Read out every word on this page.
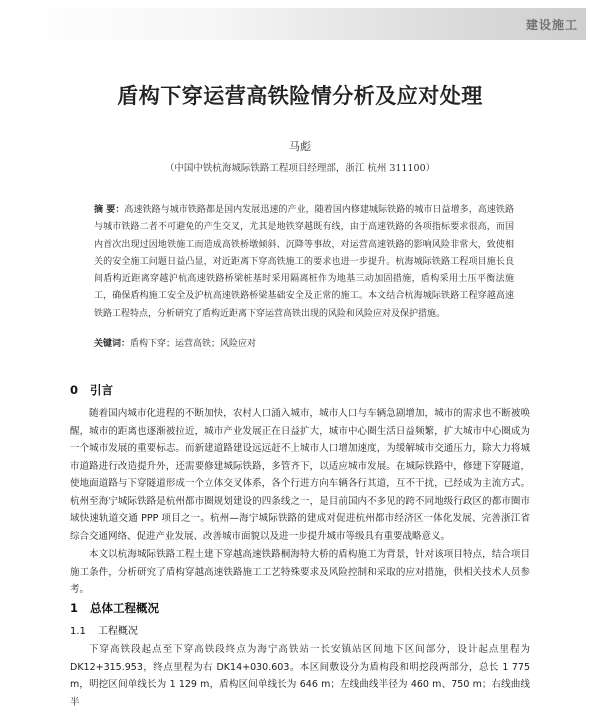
建设施工
盾构下穿运营高铁险情分析及应对处理
马彪
（中国中铁杭海城际铁路工程项目经理部，浙江 杭州 311100）
摘 要：高速铁路与城市铁路都是国内发展迅速的产业，随着国内修建城际铁路的城市日益增多，高速铁路与城市铁路二者不可避免的产生交叉，尤其是地铁穿越既有线，由于高速铁路的各项指标要求很高，而国内首次出现过因地铁施工而造成高铁桥墩倾斜、沉降等事故，对运营高速铁路的影响风险非常大，致使相关的安全施工问题日益凸显，对近距离下穿高铁施工的要求也进一步提升。杭海城际铁路工程项目施长良间盾构近距离穿越沪杭高速铁路桥梁桩基时采用隔离桩作为地基三动加固措施，盾构采用土压平衡法施工，确保盾构施工安全及沪杭高速铁路桥梁基础安全及正常的施工。本文结合杭海城际铁路工程穿越高速铁路工程特点，分析研究了盾构近距离下穿运营高铁出现的风险和风险应对及保护措施。
关键词：盾构下穿；运营高铁；风险应对
0 引言
随着国内城市化进程的不断加快，农村人口涌入城市，城市人口与车辆急剧增加，城市的需求也不断被唤醒，城市的距离也逐渐被拉近，城市产业发展正在日益扩大，城市中心圈生活日益频繁，扩大城市中心圈成为一个城市发展的重要标志。而新建道路建设远远赶不上城市人口增加速度，为缓解城市交通压力，除大力将城市道路进行改造提升外，还需要修建城际铁路，多管齐下，以适应城市发展。在城际铁路中，修建下穿隧道，使地面道路与下穿隧道形成一个立体交叉体系，各个行进方向车辆各行其道，互不干扰，已经成为主流方式。杭州至海宁城际铁路是杭州都市圈规划建设的四条线之一，是目前国内不多见的跨不同地级行政区的都市圈市域快速轨道交通 PPP 项目之一。杭州—海宁城际铁路的建成对促进杭州都市经济区一体化发展、完善浙江省综合交通网络、促进产业发展、改善城市面貌以及进一步提升城市等级具有重要战略意义。
本文以杭海城际铁路工程土建下穿越高速铁路桐海特大桥的盾构施工为背景，针对该项目特点，结合项目施工条件，分析研究了盾构穿越高速铁路施工工艺特殊要求及风险控制和采取的应对措施，供相关技术人员参考。
1 总体工程概况
1.1 工程概况
下穿高铁段起点至下穿高铁段终点为海宁高铁站一长安镇站区间地下区间部分，设计起点里程为 DK12+315.953，终点里程为右 DK14+030.603。本区间敷设分为盾构段和明挖段两部分，总长 1 775 m，明挖区间单线长为 1 129 m，盾构区间单线长为 646 m；左线曲线半径为 460 m、750 m；右线曲线半
